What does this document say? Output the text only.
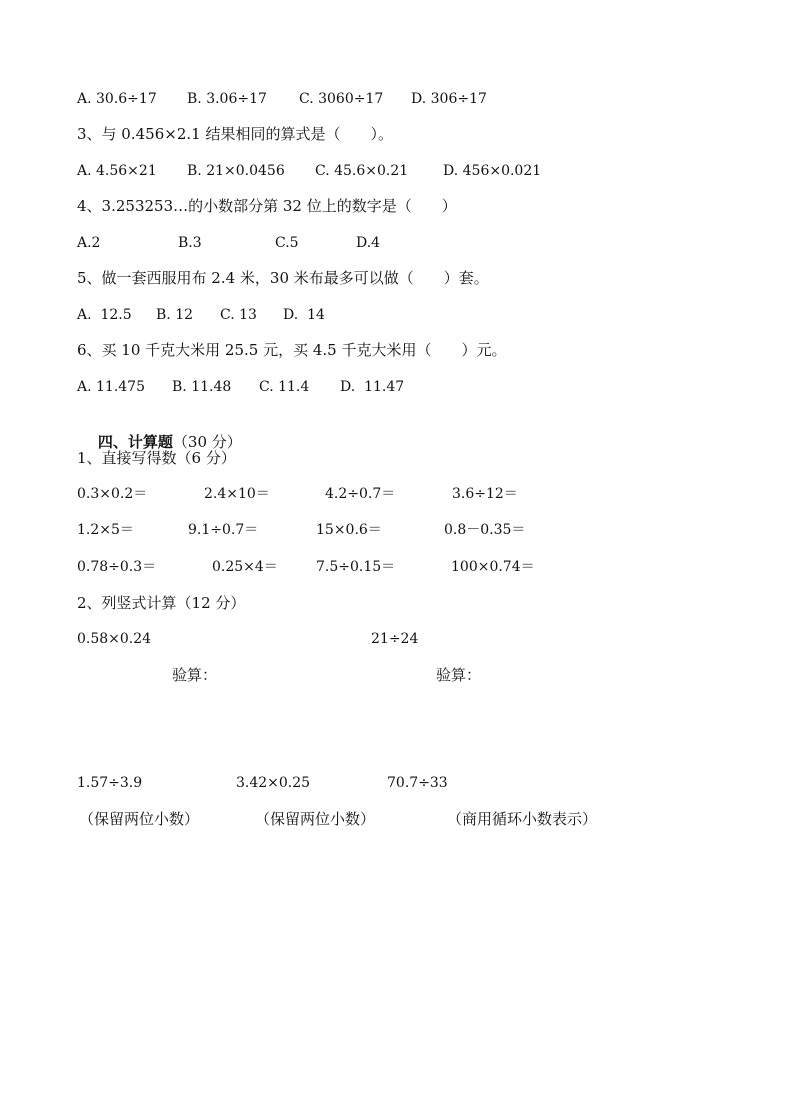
A. 30.6÷17 B. 3.06÷17 C. 3060÷17 D. 306÷17
3、与 0.456×2.1 结果相同的算式是（　　）。
A. 4.56×21 B. 21×0.0456 C. 45.6×0.21 D. 456×0.021
4、3.253253…的小数部分第 32 位上的数字是（　　）
A.2	B.3	C.5	D.4
5、做一套西服用布 2.4 米，30 米布最多可以做（　　）套。
A.  12.5 B. 12 C. 13 D.  14
6、买 10 千克大米用 25.5 元，买 4.5 千克大米用（　　）元。
A. 11.475 B. 11.48 C. 11.4 D.  11.47

四、计算题（30 分）

1、直接写得数（6 分）
0.3×0.2＝	2.4×10＝	4.2÷0.7＝	3.6÷12＝
1.2×5＝	9.1÷0.7＝	15×0.6＝	0.8－0.35＝
0.78÷0.3＝	0.25×4＝	7.5÷0.15＝	100×0.74＝
2、列竖式计算（12 分）
0.58×0.24	21÷24
验算：	验算：
1.57÷3.9	3.42×0.25	70.7÷33
（保留两位小数）	（保留两位小数）	（商用循环小数表示）
